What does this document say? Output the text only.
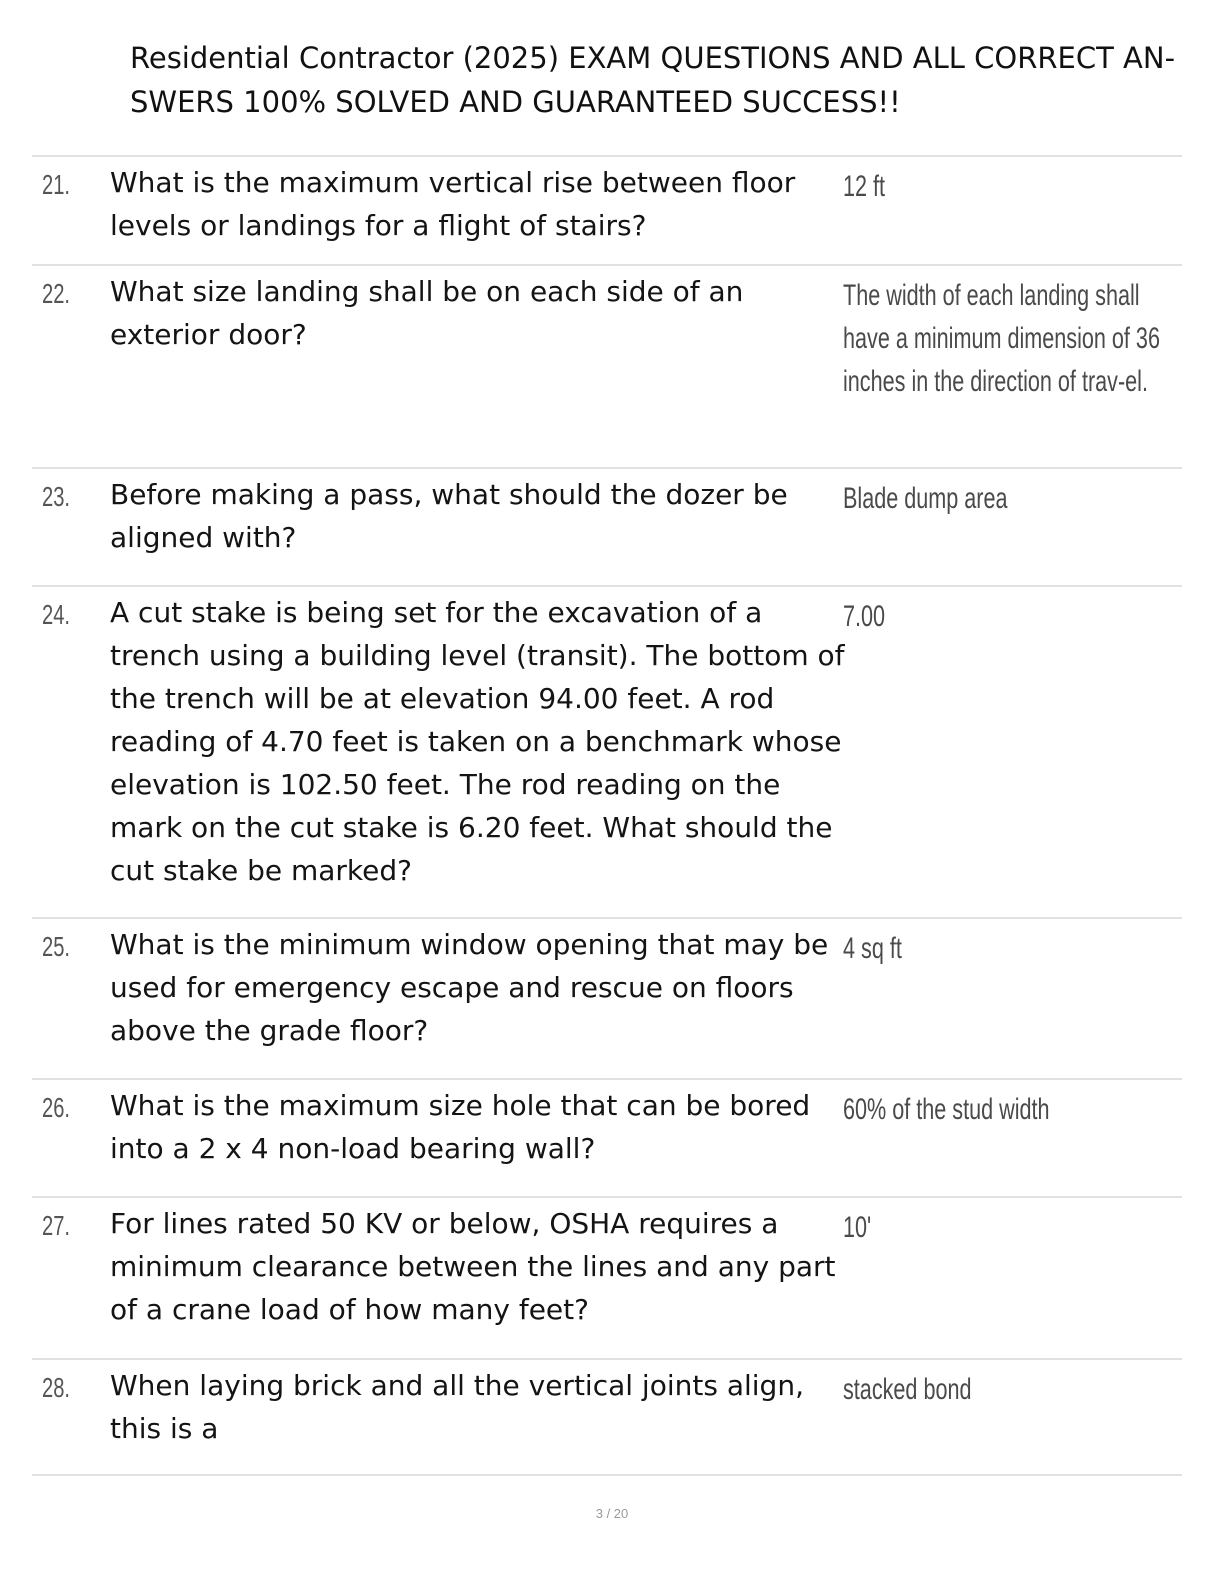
Residential Contractor (2025) EXAM QUESTIONS AND ALL CORRECT AN-
SWERS 100% SOLVED AND GUARANTEED SUCCESS!!
21. What is the maximum vertical rise between floor levels or landings for a flight of stairs?
12 ft
22. What size landing shall be on each side of an exterior door?
The width of each landing shall have a minimum dimension of 36 inches in the direction of trav-el.
23. Before making a pass, what should the dozer be aligned with?
Blade dump area
24. A cut stake is being set for the excavation of a trench using a building level (transit). The bottom of the trench will be at elevation 94.00 feet. A rod reading of 4.70 feet is taken on a benchmark whose elevation is 102.50 feet. The rod reading on the mark on the cut stake is 6.20 feet. What should the cut stake be marked?
7.00
25. What is the minimum window opening that may be used for emergency escape and rescue on floors above the grade floor?
4 sq ft
26. What is the maximum size hole that can be bored into a 2 x 4 non-load bearing wall?
60% of the stud width
27. For lines rated 50 KV or below, OSHA requires a minimum clearance between the lines and any part of a crane load of how many feet?
10'
28. When laying brick and all the vertical joints align, this is a
stacked bond
3 / 20
